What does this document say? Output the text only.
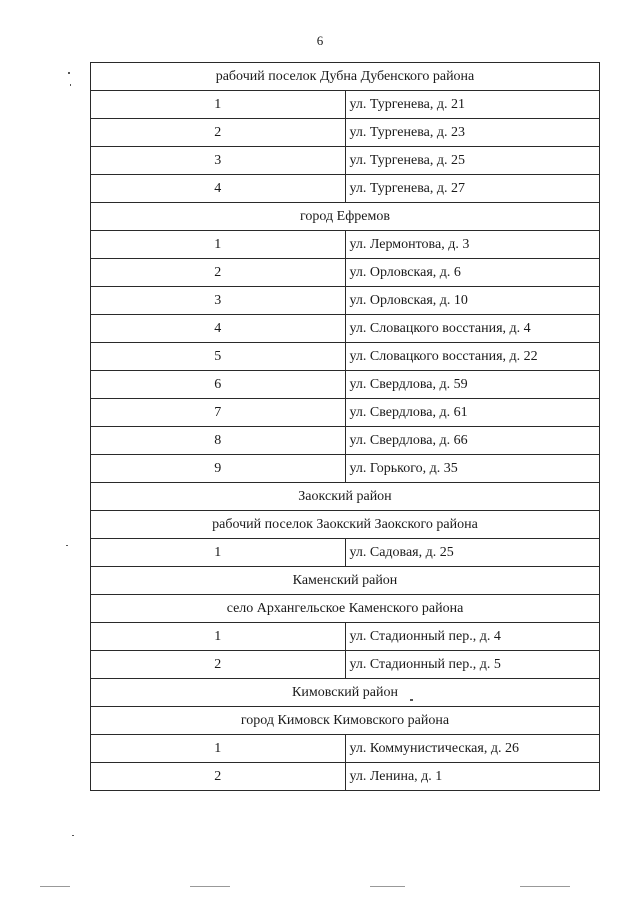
6
рабочий поселок Дубна Дубенского района	
1	ул. Тургенева, д. 21
2	ул. Тургенева, д. 23
3	ул. Тургенева, д. 25
4	ул. Тургенева, д. 27
город Ефремов	
1	ул. Лермонтова, д. 3
2	ул. Орловская, д. 6
3	ул. Орловская, д. 10
4	ул. Словацкого восстания, д. 4
5	ул. Словацкого восстания, д. 22
6	ул. Свердлова, д. 59
7	ул. Свердлова, д. 61
8	ул. Свердлова, д. 66
9	ул. Горького, д. 35
Заокский район	
рабочий поселок Заокский Заокского района	
1	ул. Садовая, д. 25
Каменский район	
село Архангельское Каменского района	
1	ул. Стадионный пер., д. 4
2	ул. Стадионный пер., д. 5
Кимовский район	
город Кимовск Кимовского района	
1	ул. Коммунистическая, д. 26
2	ул. Ленина, д. 1
